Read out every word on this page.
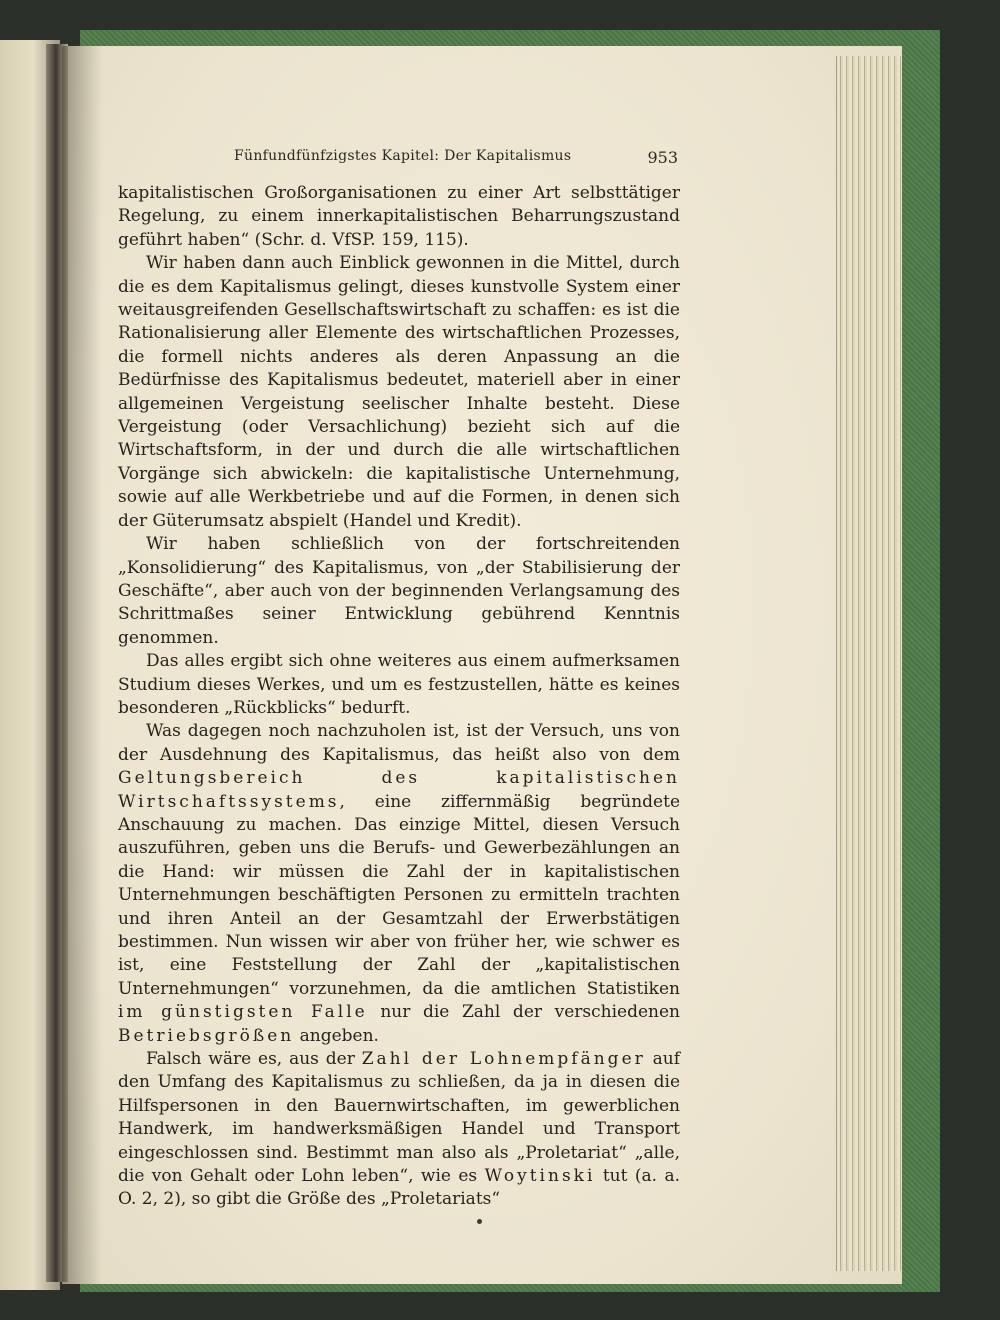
Fünfundfünfzigstes Kapitel: Der Kapitalismus	953

kapitalistischen Großorganisationen zu einer Art selbsttätiger Regelung, zu einem innerkapitalistischen Beharrungszustand geführt haben“ (Schr. d. VfSP. 159, 115).

Wir haben dann auch Einblick gewonnen in die Mittel, durch die es dem Kapitalismus gelingt, dieses kunstvolle System einer weitausgreifenden Gesellschaftswirtschaft zu schaffen: es ist die Rationalisierung aller Elemente des wirtschaftlichen Prozesses, die formell nichts anderes als deren Anpassung an die Bedürfnisse des Kapitalismus bedeutet, materiell aber in einer allgemeinen Vergeistung seelischer Inhalte besteht. Diese Vergeistung (oder Versachlichung) bezieht sich auf die Wirtschaftsform, in der und durch die alle wirtschaftlichen Vorgänge sich abwickeln: die kapitalistische Unternehmung, sowie auf alle Werkbetriebe und auf die Formen, in denen sich der Güterumsatz abspielt (Handel und Kredit).

Wir haben schließlich von der fortschreitenden „Konsolidierung“ des Kapitalismus, von „der Stabilisierung der Geschäfte“, aber auch von der beginnenden Verlangsamung des Schrittmaßes seiner Entwicklung gebührend Kenntnis genommen.

Das alles ergibt sich ohne weiteres aus einem aufmerksamen Studium dieses Werkes, und um es festzustellen, hätte es keines besonderen „Rückblicks“ bedurft.

Was dagegen noch nachzuholen ist, ist der Versuch, uns von der Ausdehnung des Kapitalismus, das heißt also von dem Geltungsbereich des kapitalistischen Wirtschaftssystems, eine ziffernmäßig begründete Anschauung zu machen. Das einzige Mittel, diesen Versuch auszuführen, geben uns die Berufs- und Gewerbezählungen an die Hand: wir müssen die Zahl der in kapitalistischen Unternehmungen beschäftigten Personen zu ermitteln trachten und ihren Anteil an der Gesamtzahl der Erwerbstätigen bestimmen. Nun wissen wir aber von früher her, wie schwer es ist, eine Feststellung der Zahl der „kapitalistischen Unternehmungen“ vorzunehmen, da die amtlichen Statistiken im günstigsten Falle nur die Zahl der verschiedenen Betriebsgrößen angeben.

Falsch wäre es, aus der Zahl der Lohnempfänger auf den Umfang des Kapitalismus zu schließen, da ja in diesen die Hilfspersonen in den Bauernwirtschaften, im gewerblichen Handwerk, im handwerksmäßigen Handel und Transport eingeschlossen sind. Bestimmt man also als „Proletariat“ „alle, die von Gehalt oder Lohn leben“, wie es Woytinski tut (a. a. O. 2, 2), so gibt die Größe des „Proletariats“
